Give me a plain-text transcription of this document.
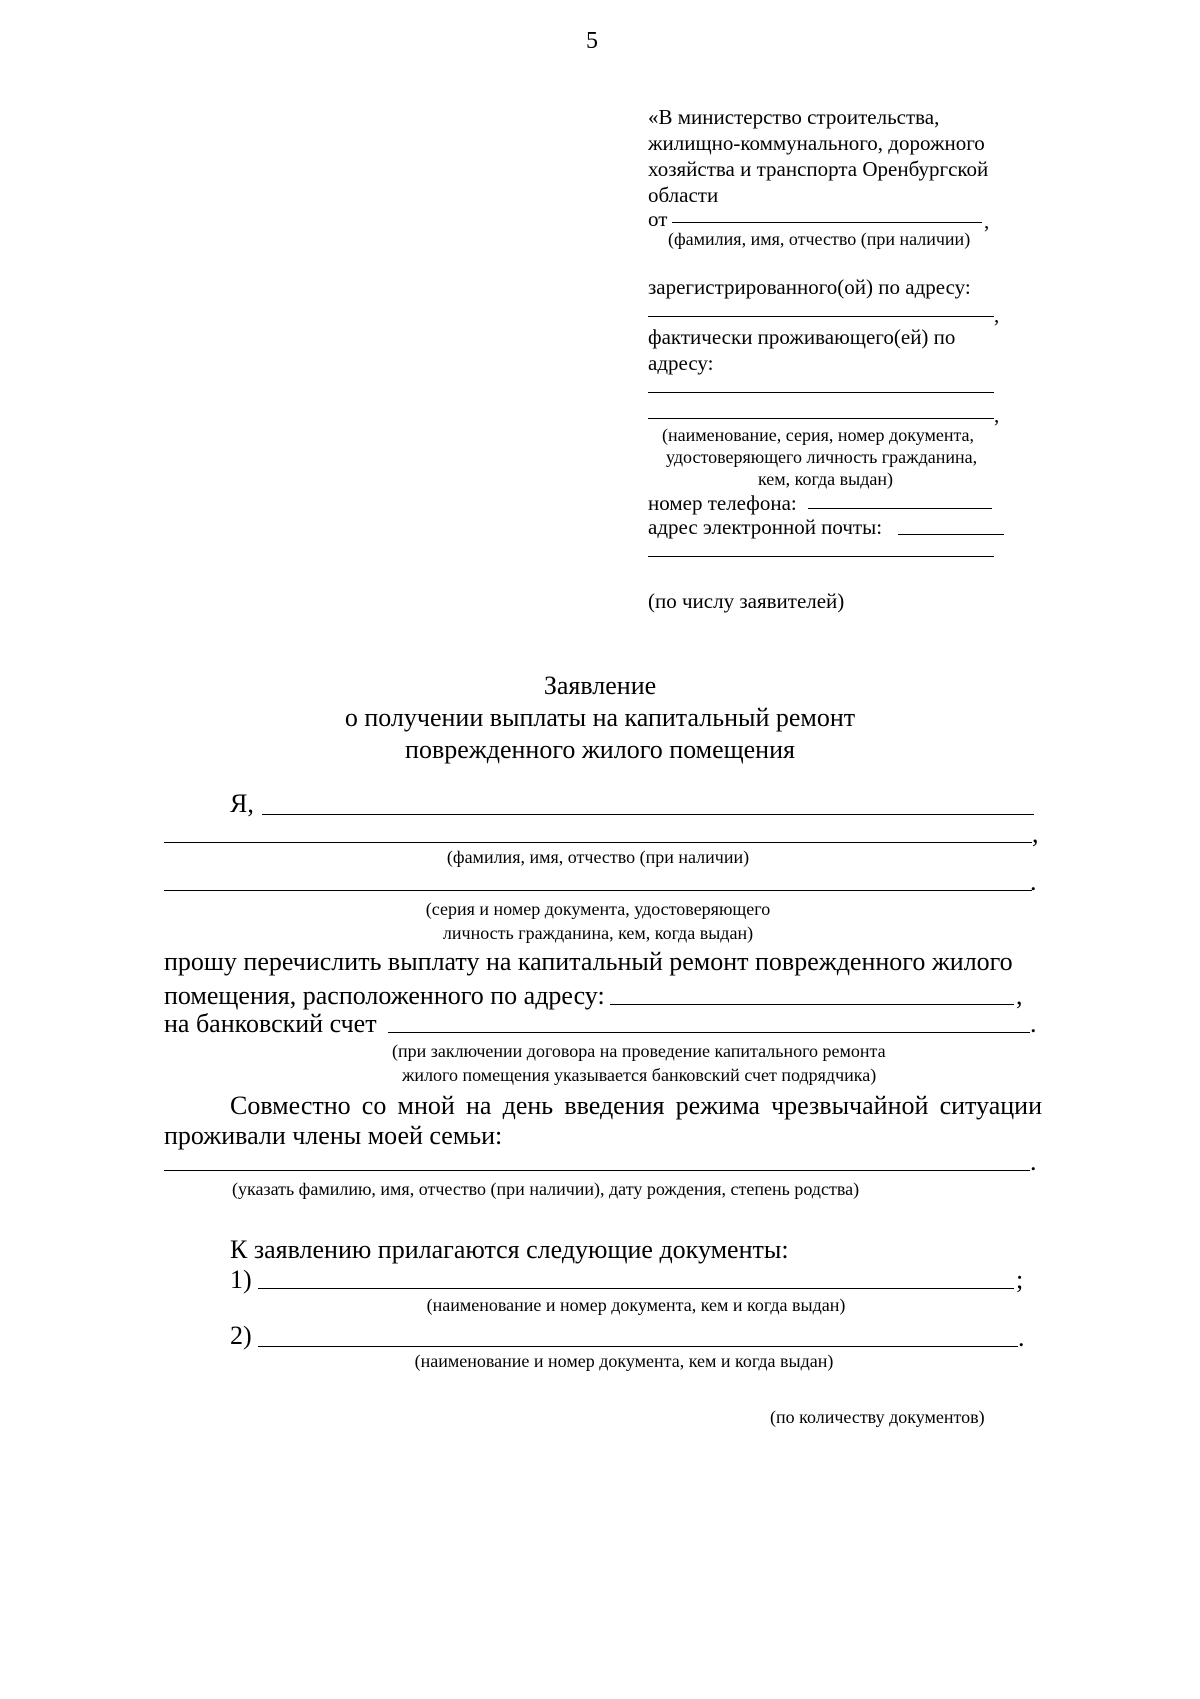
5
«В министерство строительства,
жилищно-коммунального, дорожного
хозяйства и транспорта Оренбургской
области
от	,
(фамилия, имя, отчество (при наличии)
зарегистрированного(ой) по адресу:
,
фактически проживающего(ей) по
адресу:
,
(наименование, серия, номер документа,
удостоверяющего личность гражданина,
кем, когда выдан)
номер телефона:
адрес электронной почты:
(по числу заявителей)
Заявление
о получении выплаты на капитальный ремонт
поврежденного жилого помещения
Я,
,
(фамилия, имя, отчество (при наличии)
.
(серия и номер документа, удостоверяющего
личность гражданина, кем, когда выдан)
прошу перечислить выплату на капитальный ремонт поврежденного жилого
помещения, расположенного по адресу:	,
на банковский счет	.
(при заключении договора на проведение капитального ремонта
жилого помещения указывается банковский счет подрядчика)
Совместно со мной на день введения режима чрезвычайной ситуации
проживали члены моей семьи:
.
(указать фамилию, имя, отчество (при наличии), дату рождения, степень родства)
К заявлению прилагаются следующие документы:
1)	;
(наименование и номер документа, кем и когда выдан)
2)	.
(наименование и номер документа, кем и когда выдан)
(по количеству документов)
